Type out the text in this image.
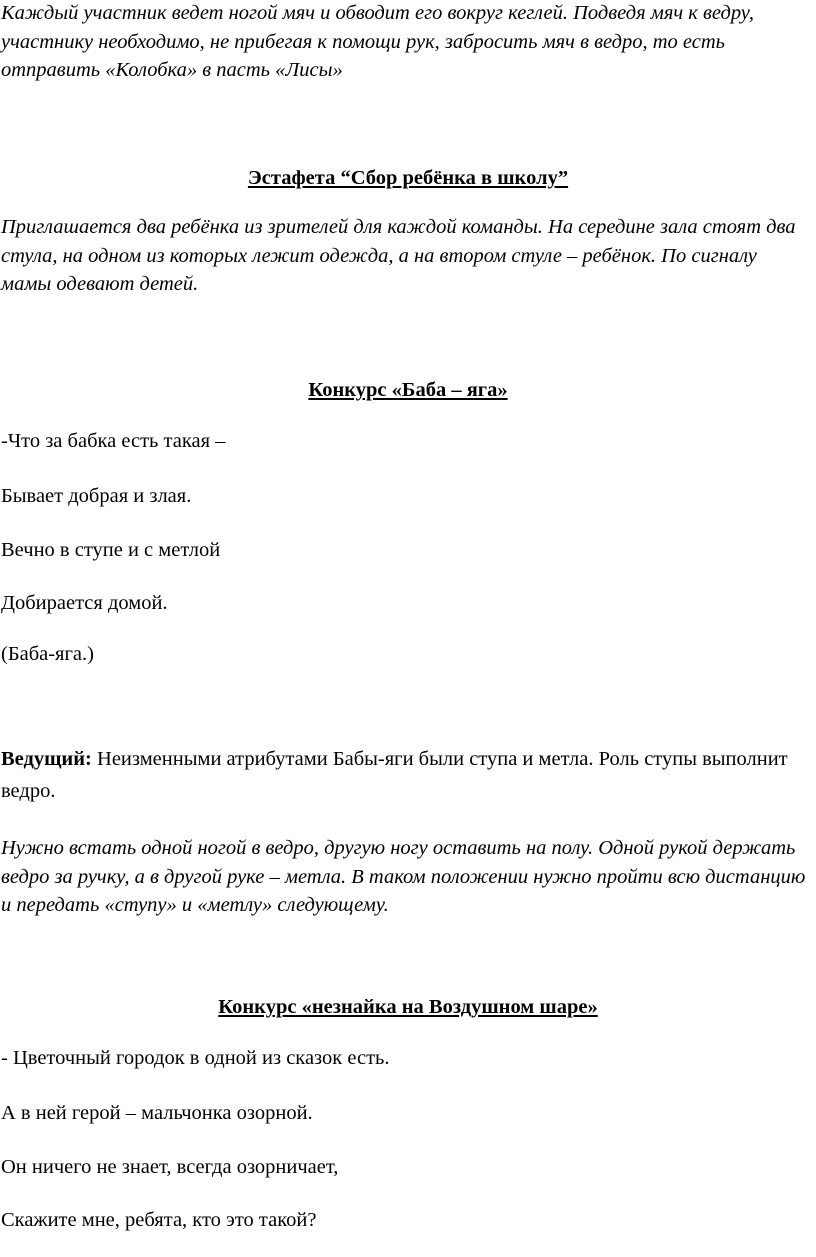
Каждый участник ведет ногой мяч и обводит его вокруг кеглей. Подведя мяч к ведру, участнику необходимо, не прибегая к помощи рук, забросить мяч в ведро, то есть отправить «Колобка» в пасть «Лисы»
Эстафета “Сбор ребёнка в школу”
Приглашается два ребёнка из зрителей для каждой команды. На середине зала стоят два стула, на одном из которых лежит одежда, а на втором стуле – ребёнок. По сигналу мамы одевают детей.
Конкурс «Баба – яга»
-Что за бабка есть такая –
Бывает добрая и злая.
Вечно в ступе и с метлой
Добирается домой.
(Баба-яга.)
Ведущий: Неизменными атрибутами Бабы-яги были ступа и метла. Роль ступы выполнит ведро.
Нужно встать одной ногой в ведро, другую ногу оставить на полу. Одной рукой держать ведро за ручку, а в другой руке – метла. В таком положении нужно пройти всю дистанцию и передать «ступу» и «метлу» следующему.
Конкурс «незнайка на Воздушном шаре»
- Цветочный городок в одной из сказок есть.
А в ней герой – мальчонка озорной.
Он ничего не знает, всегда озорничает,
Скажите мне, ребята, кто это такой?
